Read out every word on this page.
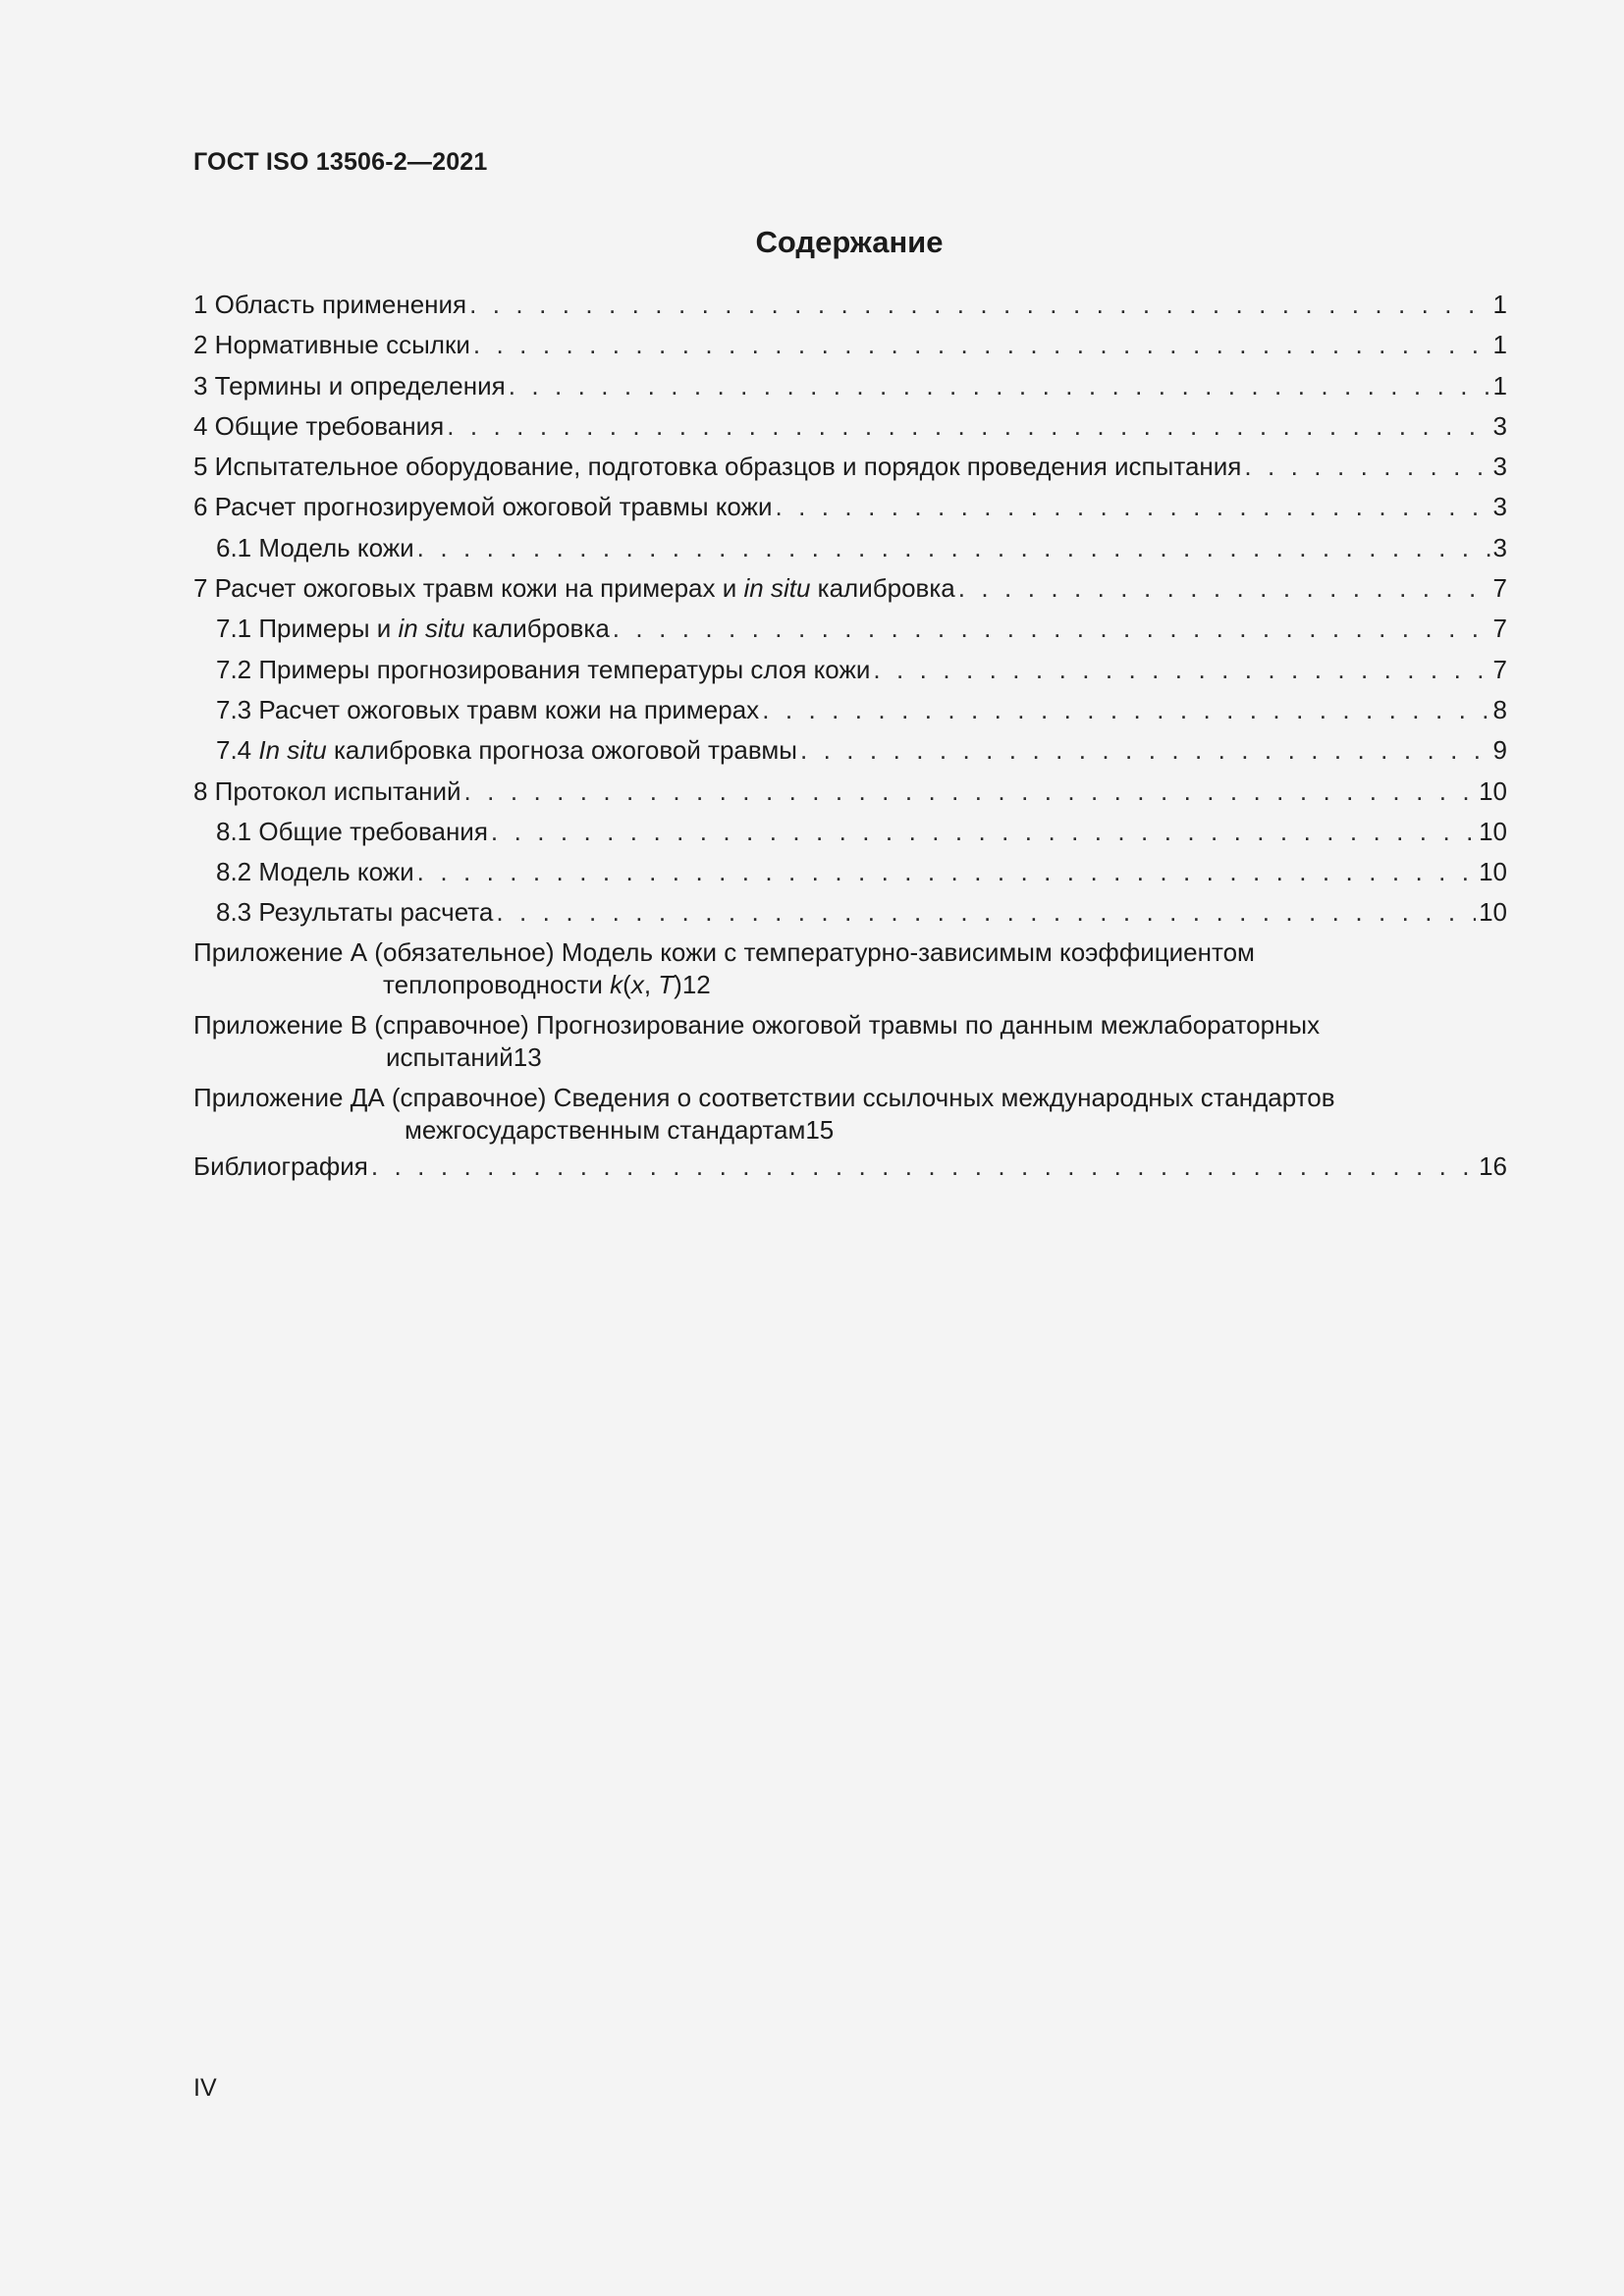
ГОСТ ISO 13506-2—2021
Содержание
1 Область применения . . .	1
2 Нормативные ссылки . . .	1
3 Термины и определения . . .	1
4 Общие требования . . .	3
5 Испытательное оборудование, подготовка образцов и порядок проведения испытания . . .	3
6 Расчет прогнозируемой ожоговой травмы кожи . . .	3
6.1 Модель кожи . . .	3
7 Расчет ожоговых травм кожи на примерах и in situ калибровка . . .	7
7.1 Примеры и in situ калибровка . . .	7
7.2 Примеры прогнозирования температуры слоя кожи . . .	7
7.3 Расчет ожоговых травм кожи на примерах . . .	8
7.4 In situ калибровка прогноза ожоговой травмы . . .	9
8 Протокол испытаний . . .	10
8.1 Общие требования . . .	10
8.2 Модель кожи . . .	10
8.3 Результаты расчета . . .	10
Приложение А (обязательное) Модель кожи с температурно-зависимым коэффициентом
теплопроводности k(x, T) 12
Приложение В (справочное) Прогнозирование ожоговой травмы по данным межлабораторных
испытаний 13
Приложение ДА (справочное) Сведения о соответствии ссылочных международных стандартов
межгосударственным стандартам 15
Библиография . . .	16
IV
